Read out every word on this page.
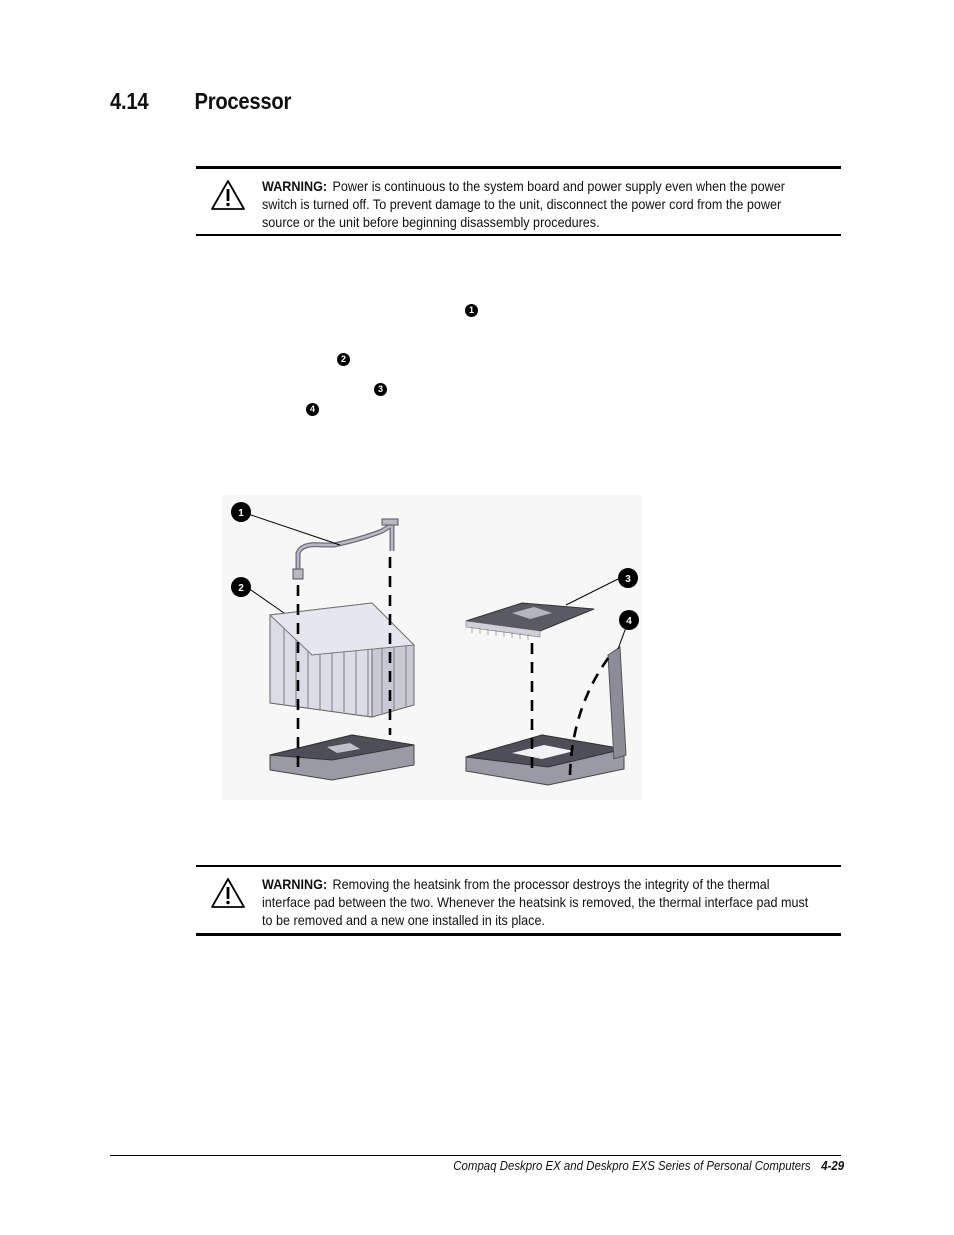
4.14 Processor
WARNING: Power is continuous to the system board and power supply even when the power switch is turned off. To prevent damage to the unit, disconnect the power cord from the power source or the unit before beginning disassembly procedures.
1
2
3
4
1
2
3
4
WARNING: Removing the heatsink from the processor destroys the integrity of the thermal interface pad between the two. Whenever the heatsink is removed, the thermal interface pad must to be removed and a new one installed in its place.
Compaq Deskpro EX and Deskpro EXS Series of Personal Computers 4-29
